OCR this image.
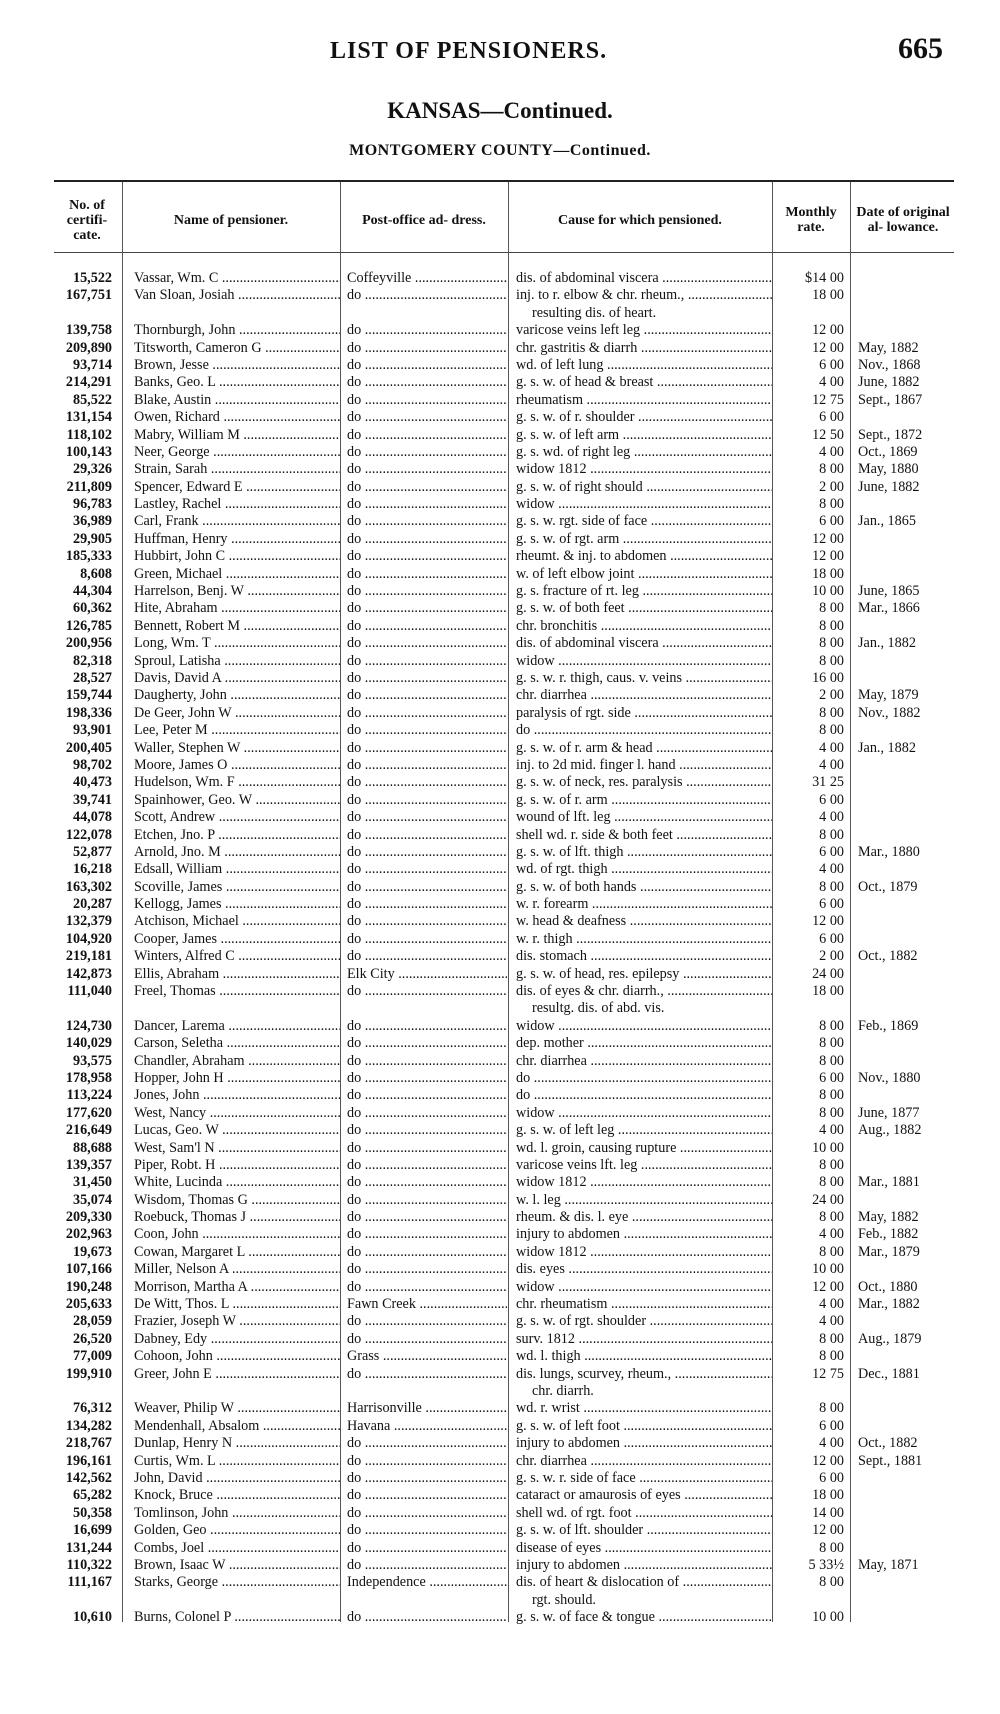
LIST OF PENSIONERS.	665
KANSAS—Continued.
MONTGOMERY COUNTY—Continued.
No. of certifi- cate.
Name of pensioner.	Post-office ad- dress.	Cause for which pensioned.	Monthly rate.
Date of original al- lowance.
15,522 Vassar, Wm. C .....	Coffeyville .....	dis. of abdominal viscera .....	$14 00
167,751 Van Sloan, Josiah .....	do .....	inj. to r. elbow & chr. rheum., .....	18 00
resulting dis. of heart.
139,758 Thornburgh, John .....	do .....	varicose veins left leg .....	12 00
209,890 Titsworth, Cameron G .....	do .....	chr. gastritis & diarrh .....	12 00 May, 1882
93,714 Brown, Jesse .....	do .....	wd. of left lung .....	6 00 Nov., 1868
214,291 Banks, Geo. L .....	do .....	g. s. w. of head & breast .....	4 00 June, 1882
85,522 Blake, Austin .....	do .....	rheumatism .....	12 75 Sept., 1867
131,154 Owen, Richard .....	do .....	g. s. w. of r. shoulder .....	6 00
118,102 Mabry, William M .....	do .....	g. s. w. of left arm .....	12 50 Sept., 1872
100,143 Neer, George .....	do .....	g. s. wd. of right leg .....	4 00 Oct., 1869
29,326 Strain, Sarah .....	do .....	widow 1812 .....	8 00 May, 1880
211,809 Spencer, Edward E .....	do .....	g. s. w. of right should .....	2 00 June, 1882
96,783 Lastley, Rachel .....	do .....	widow .....	8 00
36,989 Carl, Frank .....	do .....	g. s. w. rgt. side of face .....	6 00 Jan., 1865
29,905 Huffman, Henry .....	do .....	g. s. w. of rgt. arm .....	12 00
185,333 Hubbirt, John C .....	do .....	rheumt. & inj. to abdomen .....	12 00
8,608 Green, Michael .....	do .....	w. of left elbow joint .....	18 00
44,304 Harrelson, Benj. W .....	do .....	g. s. fracture of rt. leg .....	10 00 June, 1865
60,362 Hite, Abraham .....	do .....	g. s. w. of both feet .....	8 00 Mar., 1866
126,785 Bennett, Robert M .....	do .....	chr. bronchitis .....	8 00
200,956 Long, Wm. T .....	do .....	dis. of abdominal viscera .....	8 00 Jan., 1882
82,318 Sproul, Latisha .....	do .....	widow .....	8 00
28,527 Davis, David A .....	do .....	g. s. w. r. thigh, caus. v. veins .....	16 00
159,744 Daugherty, John .....	do .....	chr. diarrhea .....	2 00 May, 1879
198,336 De Geer, John W .....	do .....	paralysis of rgt. side .....	8 00 Nov., 1882
93,901 Lee, Peter M .....	do .....	do .....	8 00
200,405 Waller, Stephen W .....	do .....	g. s. w. of r. arm & head .....	4 00 Jan., 1882
98,702 Moore, James O .....	do .....	inj. to 2d mid. finger l. hand .....	4 00
40,473 Hudelson, Wm. F .....	do .....	g. s. w. of neck, res. paralysis .....	31 25
39,741 Spainhower, Geo. W .....	do .....	g. s. w. of r. arm .....	6 00
44,078 Scott, Andrew .....	do .....	wound of lft. leg .....	4 00
122,078 Etchen, Jno. P .....	do .....	shell wd. r. side & both feet .....	8 00
52,877 Arnold, Jno. M .....	do .....	g. s. w. of lft. thigh .....	6 00 Mar., 1880
16,218 Edsall, William .....	do .....	wd. of rgt. thigh .....	4 00
163,302 Scoville, James .....	do .....	g. s. w. of both hands .....	8 00 Oct., 1879
20,287 Kellogg, James .....	do .....	w. r. forearm .....	6 00
132,379 Atchison, Michael .....	do .....	w. head & deafness .....	12 00
104,920 Cooper, James .....	do .....	w. r. thigh .....	6 00
219,181 Winters, Alfred C .....	do .....	dis. stomach .....	2 00 Oct., 1882
142,873 Ellis, Abraham .....	Elk City .....	g. s. w. of head, res. epilepsy .....	24 00
111,040 Freel, Thomas .....	do .....	dis. of eyes & chr. diarrh., .....	18 00
resultg. dis. of abd. vis.
124,730 Dancer, Larema .....	do .....	widow .....	8 00 Feb., 1869
140,029 Carson, Seletha .....	do .....	dep. mother .....	8 00
93,575 Chandler, Abraham .....	do .....	chr. diarrhea .....	8 00
178,958 Hopper, John H .....	do .....	do .....	6 00 Nov., 1880
113,224 Jones, John .....	do .....	do .....	8 00
177,620 West, Nancy .....	do .....	widow .....	8 00 June, 1877
216,649 Lucas, Geo. W .....	do .....	g. s. w. of left leg .....	4 00 Aug., 1882
88,688 West, Sam'l N .....	do .....	wd. l. groin, causing rupture .....	10 00
139,357 Piper, Robt. H .....	do .....	varicose veins lft. leg .....	8 00
31,450 White, Lucinda .....	do .....	widow 1812 .....	8 00 Mar., 1881
35,074 Wisdom, Thomas G .....	do .....	w. l. leg .....	24 00
209,330 Roebuck, Thomas J .....	do .....	rheum. & dis. l. eye .....	8 00 May, 1882
202,963 Coon, John .....	do .....	injury to abdomen .....	4 00 Feb., 1882
19,673 Cowan, Margaret L .....	do .....	widow 1812 .....	8 00 Mar., 1879
107,166 Miller, Nelson A .....	do .....	dis. eyes .....	10 00
190,248 Morrison, Martha A .....	do .....	widow .....	12 00 Oct., 1880
205,633 De Witt, Thos. L .....	Fawn Creek .....	chr. rheumatism .....	4 00 Mar., 1882
28,059 Frazier, Joseph W .....	do .....	g. s. w. of rgt. shoulder .....	4 00
26,520 Dabney, Edy .....	do .....	surv. 1812 .....	8 00 Aug., 1879
77,009 Cohoon, John .....	Grass .....	wd. l. thigh .....	8 00
199,910 Greer, John E .....	do .....	dis. lungs, scurvey, rheum., .....	12 75 Dec., 1881
chr. diarrh.
76,312 Weaver, Philip W .....	Harrisonville .....	wd. r. wrist .....	8 00
134,282 Mendenhall, Absalom .....	Havana .....	g. s. w. of left foot .....	6 00
218,767 Dunlap, Henry N .....	do .....	injury to abdomen .....	4 00 Oct., 1882
196,161 Curtis, Wm. L .....	do .....	chr. diarrhea .....	12 00 Sept., 1881
142,562 John, David .....	do .....	g. s. w. r. side of face .....	6 00
65,282 Knock, Bruce .....	do .....	cataract or amaurosis of eyes .....	18 00
50,358 Tomlinson, John .....	do .....	shell wd. of rgt. foot .....	14 00
16,699 Golden, Geo .....	do .....	g. s. w. of lft. shoulder .....	12 00
131,244 Combs, Joel .....	do .....	disease of eyes .....	8 00
110,322 Brown, Isaac W .....	do .....	injury to abdomen .....	5 33½ May, 1871
111,167 Starks, George .....	Independence .....	dis. of heart & dislocation of .....	8 00
rgt. should.
10,610 Burns, Colonel P .....	do .....	g. s. w. of face & tongue .....	10 00
